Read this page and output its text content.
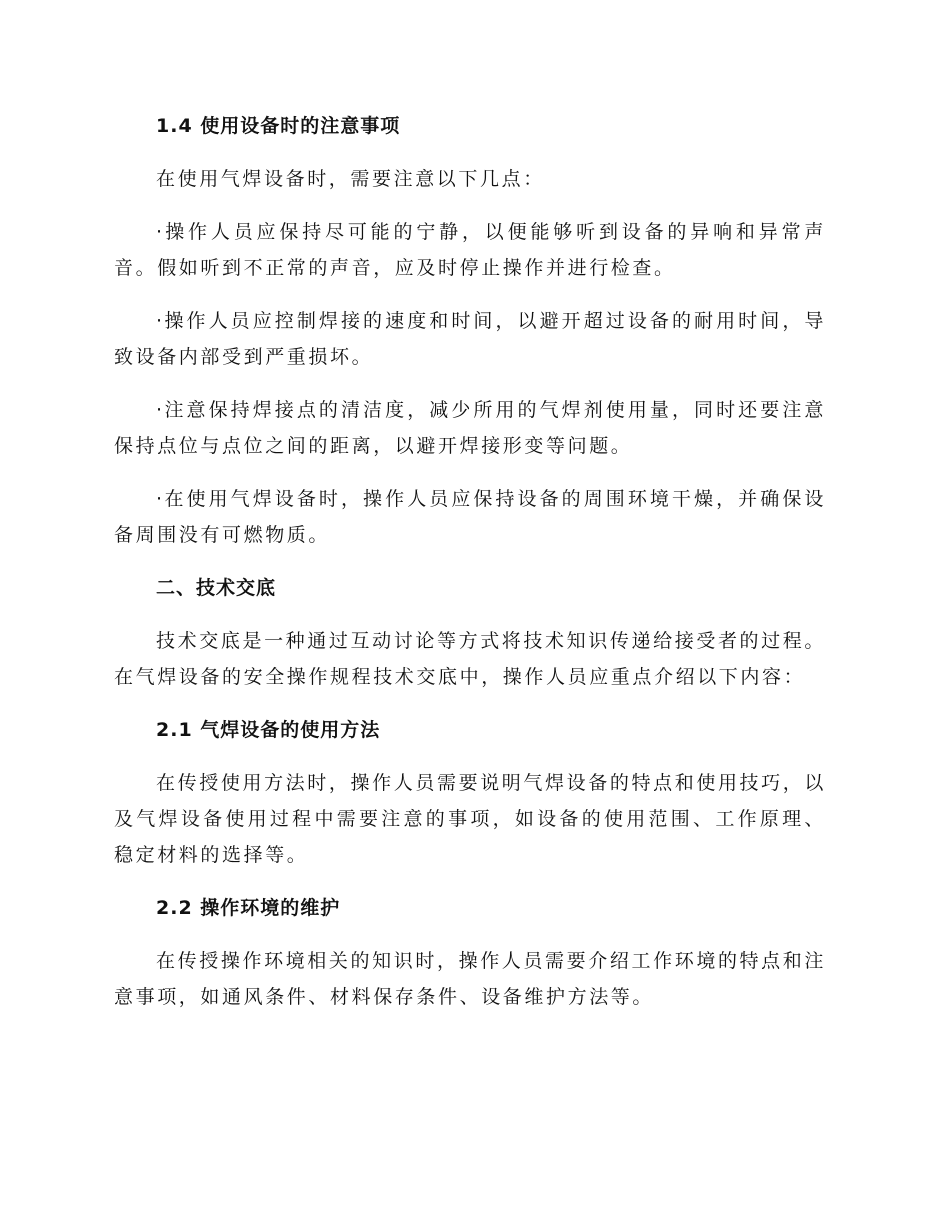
1.4 使用设备时的注意事项

在使用气焊设备时，需要注意以下几点：

· 操作人员应保持尽可能的宁静，以便能够听到设备的异响和异常声音。假如听到不正常的声音，应及时停止操作并进行检查。

· 操作人员应控制焊接的速度和时间，以避开超过设备的耐用时间，导致设备内部受到严重损坏。

· 注意保持焊接点的清洁度，减少所用的气焊剂使用量，同时还要注意保持点位与点位之间的距离，以避开焊接形变等问题。

· 在使用气焊设备时，操作人员应保持设备的周围环境干燥，并确保设备周围没有可燃物质。

二、技术交底

技术交底是一种通过互动讨论等方式将技术知识传递给接受者的过程。在气焊设备的安全操作规程技术交底中，操作人员应重点介绍以下内容：

2.1 气焊设备的使用方法

在传授使用方法时，操作人员需要说明气焊设备的特点和使用技巧，以及气焊设备使用过程中需要注意的事项，如设备的使用范围、工作原理、稳定材料的选择等。

2.2 操作环境的维护

在传授操作环境相关的知识时，操作人员需要介绍工作环境的特点和注意事项，如通风条件、材料保存条件、设备维护方法等。
